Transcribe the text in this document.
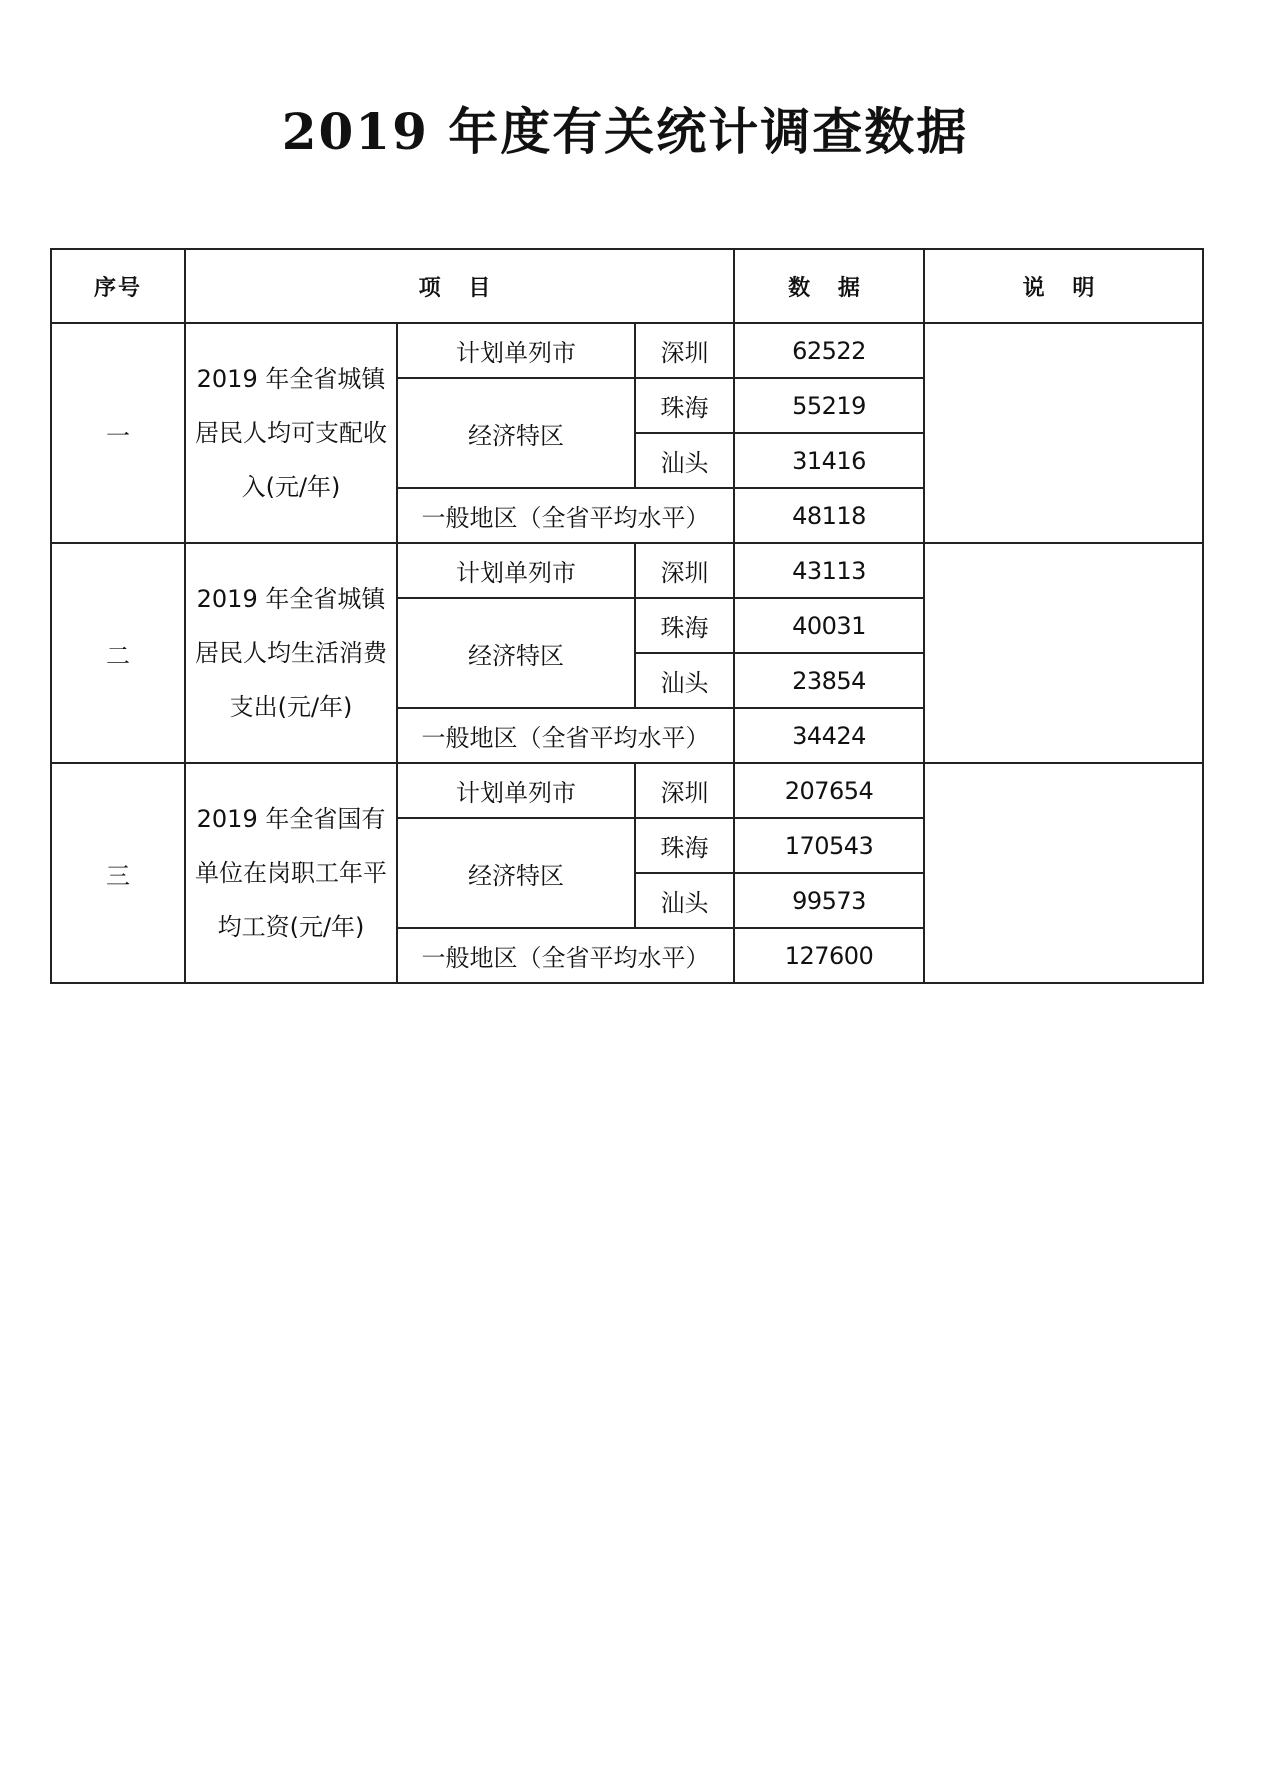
2019 年度有关统计调查数据
序号	项 目			数 据	说 明
一	2019 年全省城镇居民人均可支配收入(元/年)	计划单列市	深圳	62522	
		经济特区	珠海	55219	
			汕头	31416	
		一般地区（全省平均水平）		48118	
二	2019 年全省城镇居民人均生活消费支出(元/年)	计划单列市	深圳	43113	
		经济特区	珠海	40031	
			汕头	23854	
		一般地区（全省平均水平）		34424	
三	2019 年全省国有单位在岗职工年平均工资(元/年)	计划单列市	深圳	207654	
		经济特区	珠海	170543	
			汕头	99573	
		一般地区（全省平均水平）		127600	
